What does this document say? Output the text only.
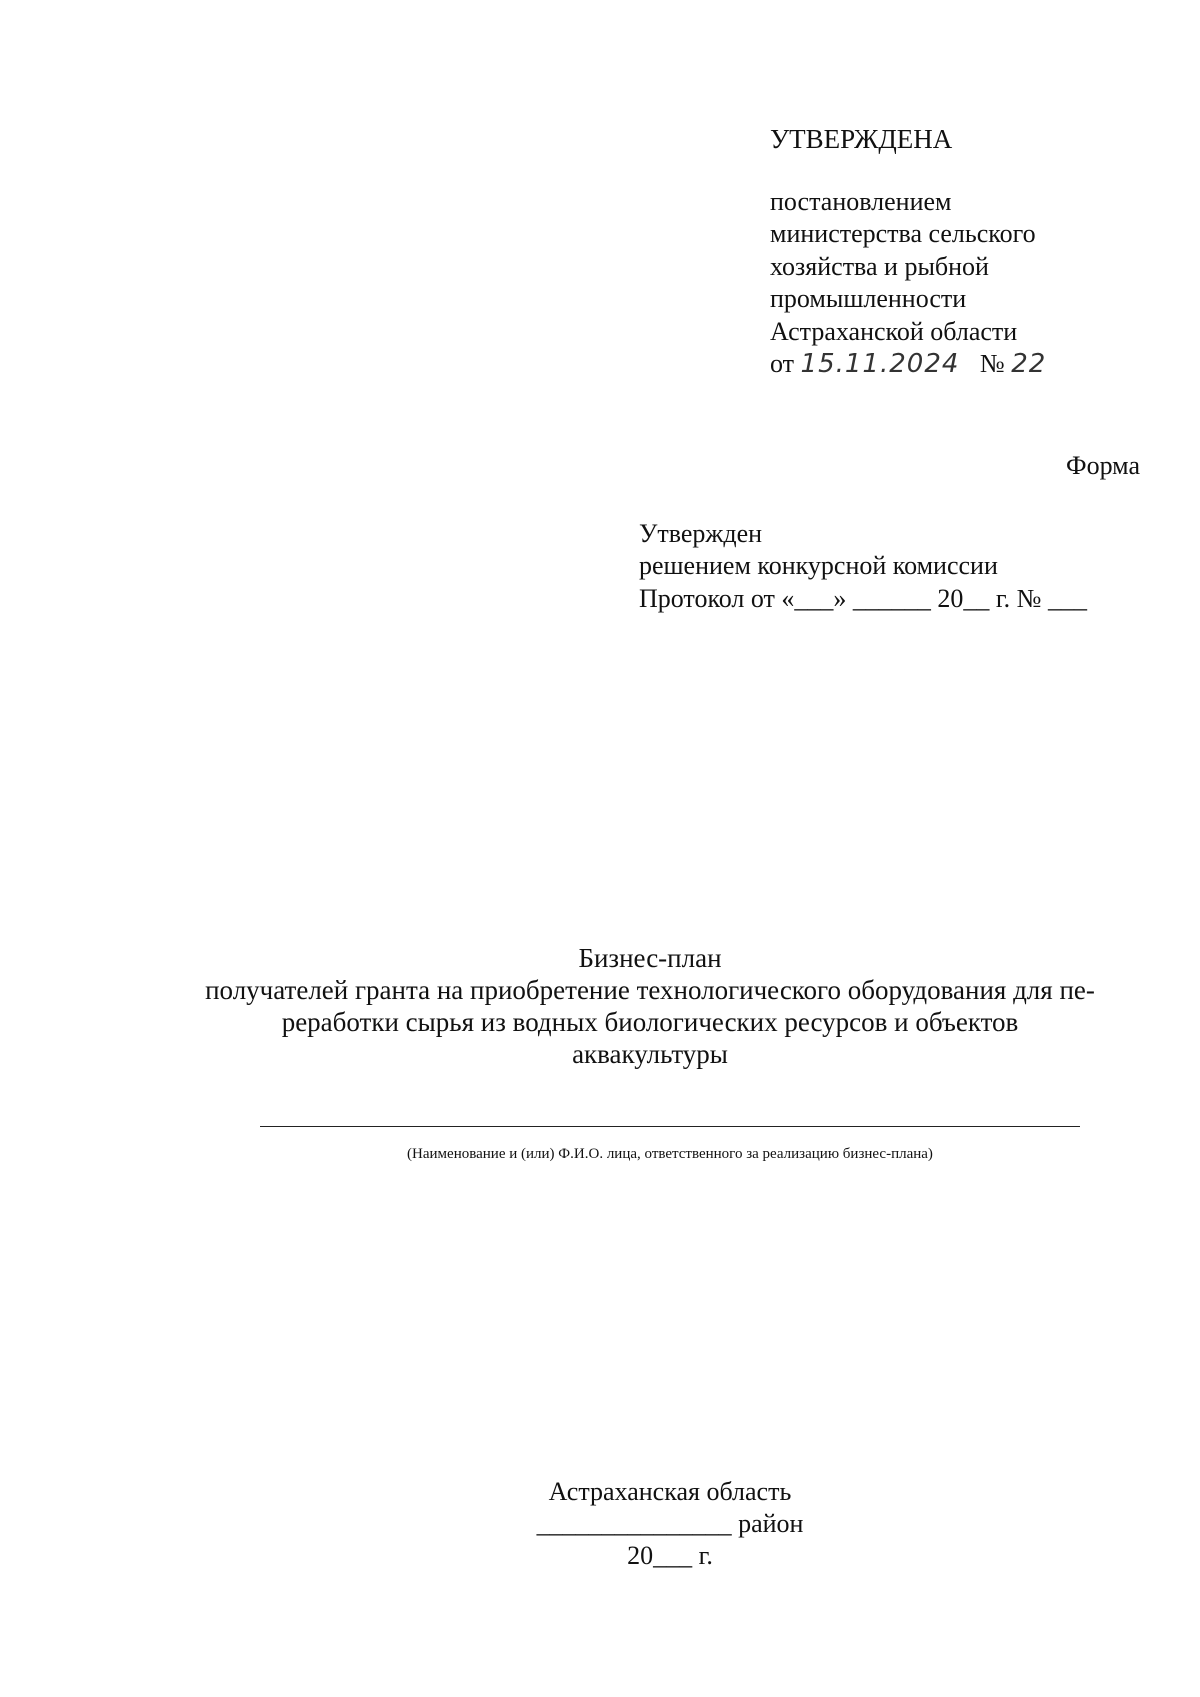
УТВЕРЖДЕНА
постановлением
министерства сельского
хозяйства и рыбной
промышленности
Астраханской области
от 15.11.2024 № 22
Форма
Утвержден
решением конкурсной комиссии
Протокол от «___» ______ 20__ г. № ___
Бизнес-план
получателей гранта на приобретение технологического оборудования для пе-
реработки сырья из водных биологических ресурсов и объектов
аквакультуры
(Наименование и (или) Ф.И.О. лица, ответственного за реализацию бизнес-плана)
Астраханская область
_______________ район
20___ г.
